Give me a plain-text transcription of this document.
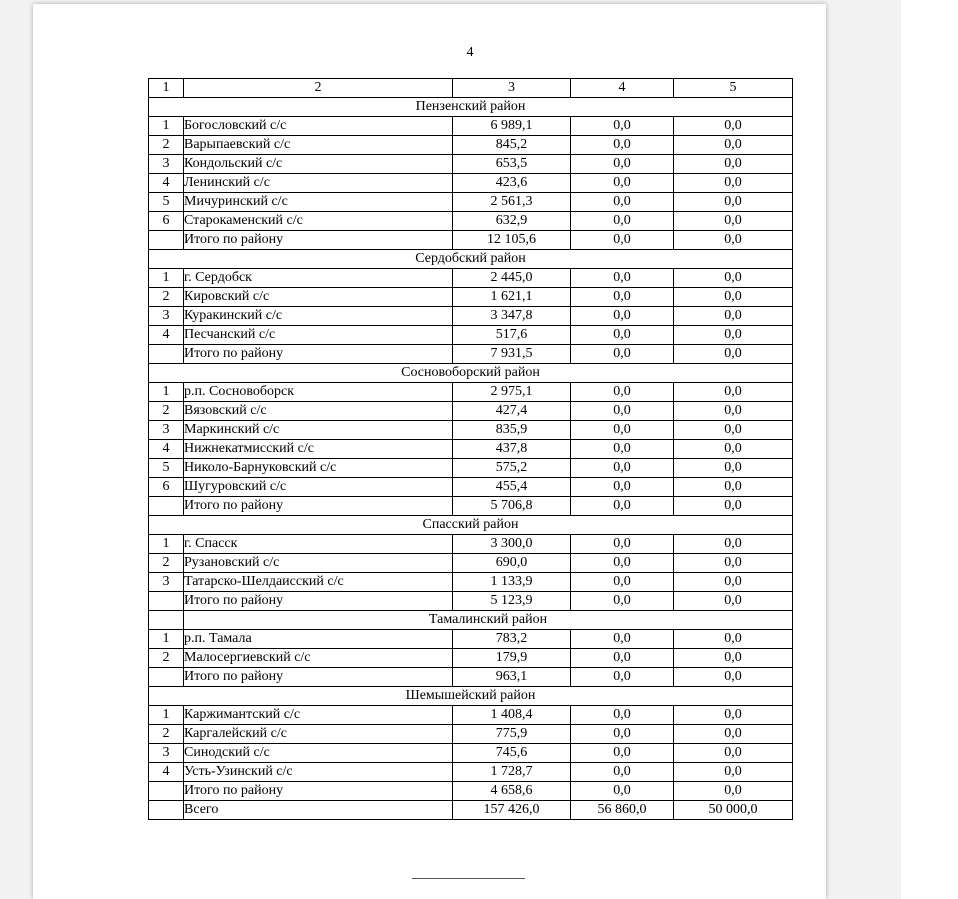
4
1	2	3	4	5
Пензенский район				
1	Богословский с/с	6 989,1	0,0	0,0
2	Варыпаевский с/с	845,2	0,0	0,0
3	Кондольский с/с	653,5	0,0	0,0
4	Ленинский с/с	423,6	0,0	0,0
5	Мичуринский с/с	2 561,3	0,0	0,0
6	Старокаменский с/с	632,9	0,0	0,0
	Итого по району	12 105,6	0,0	0,0
Сердобский район				
1	г. Сердобск	2 445,0	0,0	0,0
2	Кировский с/с	1 621,1	0,0	0,0
3	Куракинский с/с	3 347,8	0,0	0,0
4	Песчанский с/с	517,6	0,0	0,0
	Итого по району	7 931,5	0,0	0,0
Сосновоборский район				
1	р.п. Сосновоборск	2 975,1	0,0	0,0
2	Вязовский с/с	427,4	0,0	0,0
3	Маркинский с/с	835,9	0,0	0,0
4	Нижнекатмисский с/с	437,8	0,0	0,0
5	Николо-Барнуковский с/с	575,2	0,0	0,0
6	Шугуровский с/с	455,4	0,0	0,0
	Итого по району	5 706,8	0,0	0,0
Спасский район				
1	г. Спасск	3 300,0	0,0	0,0
2	Рузановский с/с	690,0	0,0	0,0
3	Татарско-Шелдаисский с/с	1 133,9	0,0	0,0
	Итого по району	5 123,9	0,0	0,0
	Тамалинский район			
1	р.п. Тамала	783,2	0,0	0,0
2	Малосергиевский с/с	179,9	0,0	0,0
	Итого по району	963,1	0,0	0,0
Шемышейский район				
1	Каржимантский с/с	1 408,4	0,0	0,0
2	Каргалейский с/с	775,9	0,0	0,0
3	Синодский с/с	745,6	0,0	0,0
4	Усть-Узинский с/с	1 728,7	0,0	0,0
	Итого по району	4 658,6	0,0	0,0
	Всего	157 426,0	56 860,0	50 000,0
